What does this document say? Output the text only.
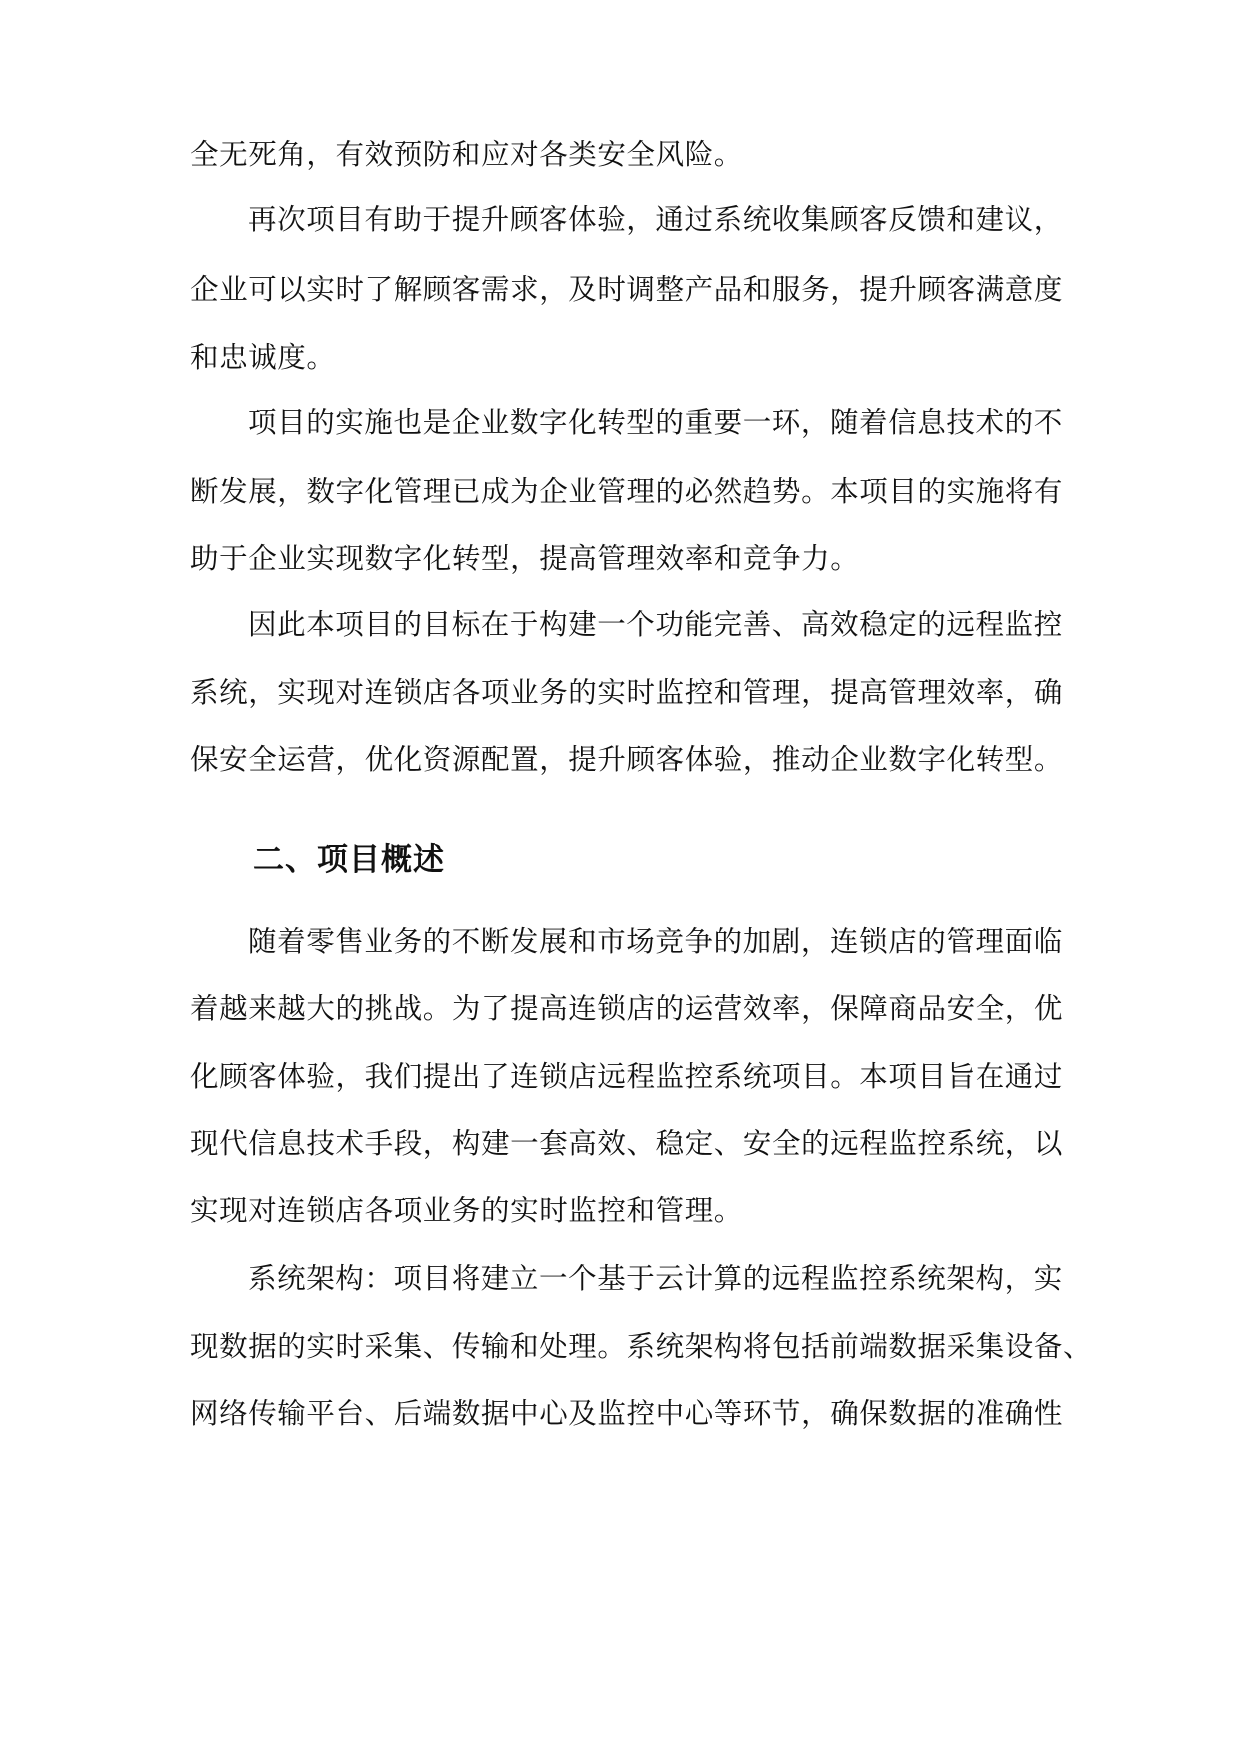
全无死角，有效预防和应对各类安全风险。
再次项目有助于提升顾客体验，通过系统收集顾客反馈和建议，
企业可以实时了解顾客需求，及时调整产品和服务，提升顾客满意度
和忠诚度。
项目的实施也是企业数字化转型的重要一环，随着信息技术的不
断发展，数字化管理已成为企业管理的必然趋势。本项目的实施将有
助于企业实现数字化转型，提高管理效率和竞争力。
因此本项目的目标在于构建一个功能完善、高效稳定的远程监控
系统，实现对连锁店各项业务的实时监控和管理，提高管理效率，确
保安全运营，优化资源配置，提升顾客体验，推动企业数字化转型。
二、项目概述
随着零售业务的不断发展和市场竞争的加剧，连锁店的管理面临
着越来越大的挑战。为了提高连锁店的运营效率，保障商品安全，优
化顾客体验，我们提出了连锁店远程监控系统项目。本项目旨在通过
现代信息技术手段，构建一套高效、稳定、安全的远程监控系统，以
实现对连锁店各项业务的实时监控和管理。
系统架构：项目将建立一个基于云计算的远程监控系统架构，实
现数据的实时采集、传输和处理。系统架构将包括前端数据采集设备、
网络传输平台、后端数据中心及监控中心等环节，确保数据的准确性
